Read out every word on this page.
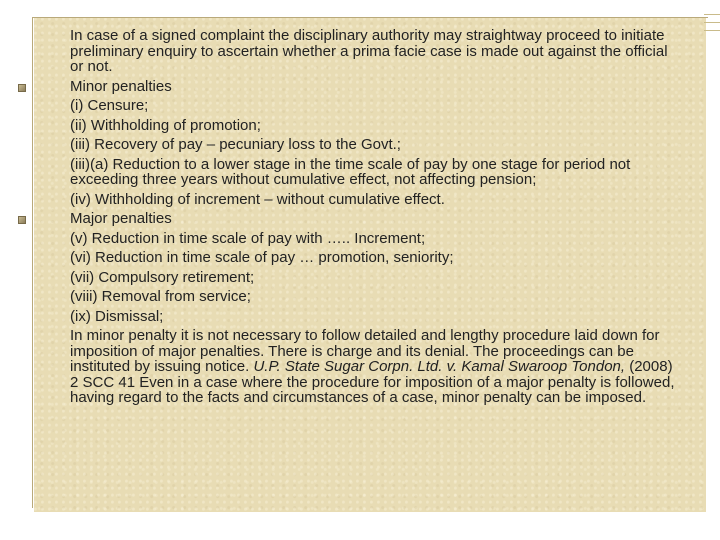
In case of a signed complaint the disciplinary authority may straightway proceed to initiate preliminary enquiry to ascertain whether a prima facie case is made out against the official or not.

Minor penalties

(i) Censure;

(ii) Withholding of promotion;

(iii) Recovery of pay – pecuniary loss to the Govt.;

(iii)(a) Reduction to a lower stage in the time scale of pay by one stage for period not exceeding three years without cumulative effect, not affecting pension;

(iv) Withholding of increment – without cumulative effect.

Major penalties

(v) Reduction in time scale of pay with ….. Increment;

(vi) Reduction in time scale of pay … promotion, seniority;

(vii) Compulsory retirement;

(viii) Removal from service;

(ix) Dismissal;

In minor penalty it is not necessary to follow detailed and lengthy procedure laid down for imposition of major penalties. There is charge and its denial. The proceedings can be instituted by issuing notice. U.P. State Sugar Corpn. Ltd. v. Kamal Swaroop Tondon, (2008) 2 SCC 41 Even in a case where the procedure for imposition of a major penalty is followed, having regard to the facts and circumstances of a case, minor penalty can be imposed.
